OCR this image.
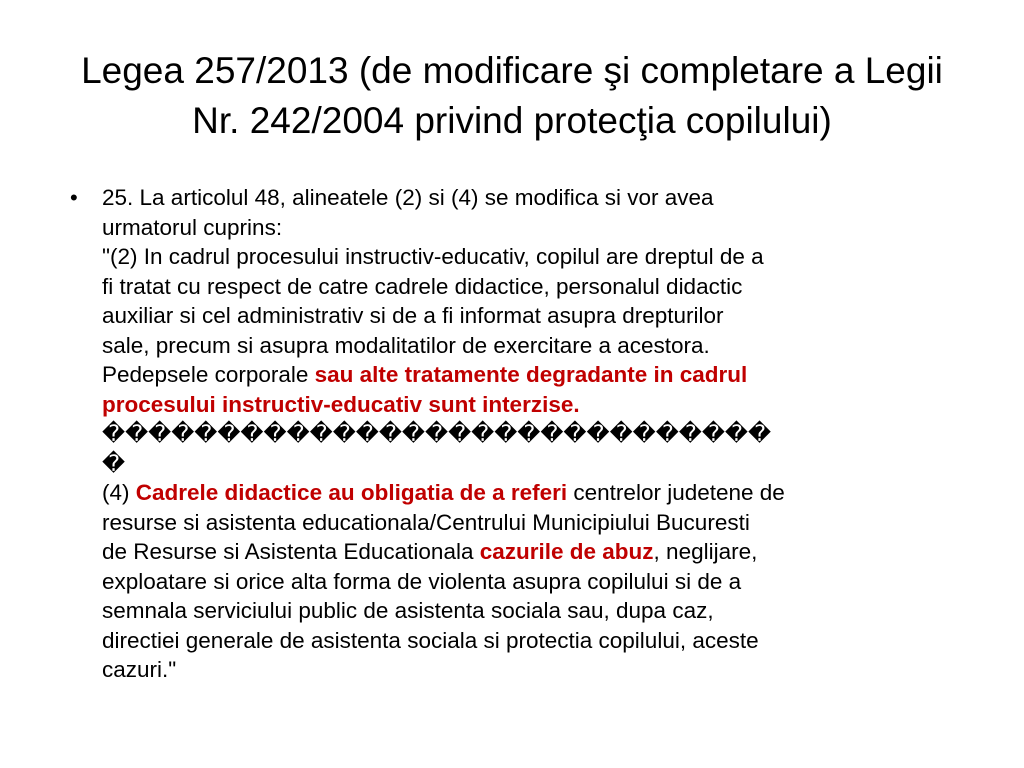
Legea 257/2013 (de modificare şi completare a Legii
Nr. 242/2004 privind protecţia copilului)
• 25. La articolul 48, alineatele (2) si (4) se modifica si vor avea
urmatorul cuprins:
"(2) In cadrul procesului instructiv-educativ, copilul are dreptul de a
fi tratat cu respect de catre cadrele didactice, personalul didactic
auxiliar si cel administrativ si de a fi informat asupra drepturilor
sale, precum si asupra modalitatilor de exercitare a acestora.
Pedepsele corporale sau alte tratamente degradante in cadrul
procesului instructiv-educativ sunt interzise.
�����������������������������
�
(4) Cadrele didactice au obligatia de a referi centrelor judetene de
resurse si asistenta educationala/Centrului Municipiului Bucuresti
de Resurse si Asistenta Educationala cazurile de abuz, neglijare,
exploatare si orice alta forma de violenta asupra copilului si de a
semnala serviciului public de asistenta sociala sau, dupa caz,
directiei generale de asistenta sociala si protectia copilului, aceste
cazuri."
